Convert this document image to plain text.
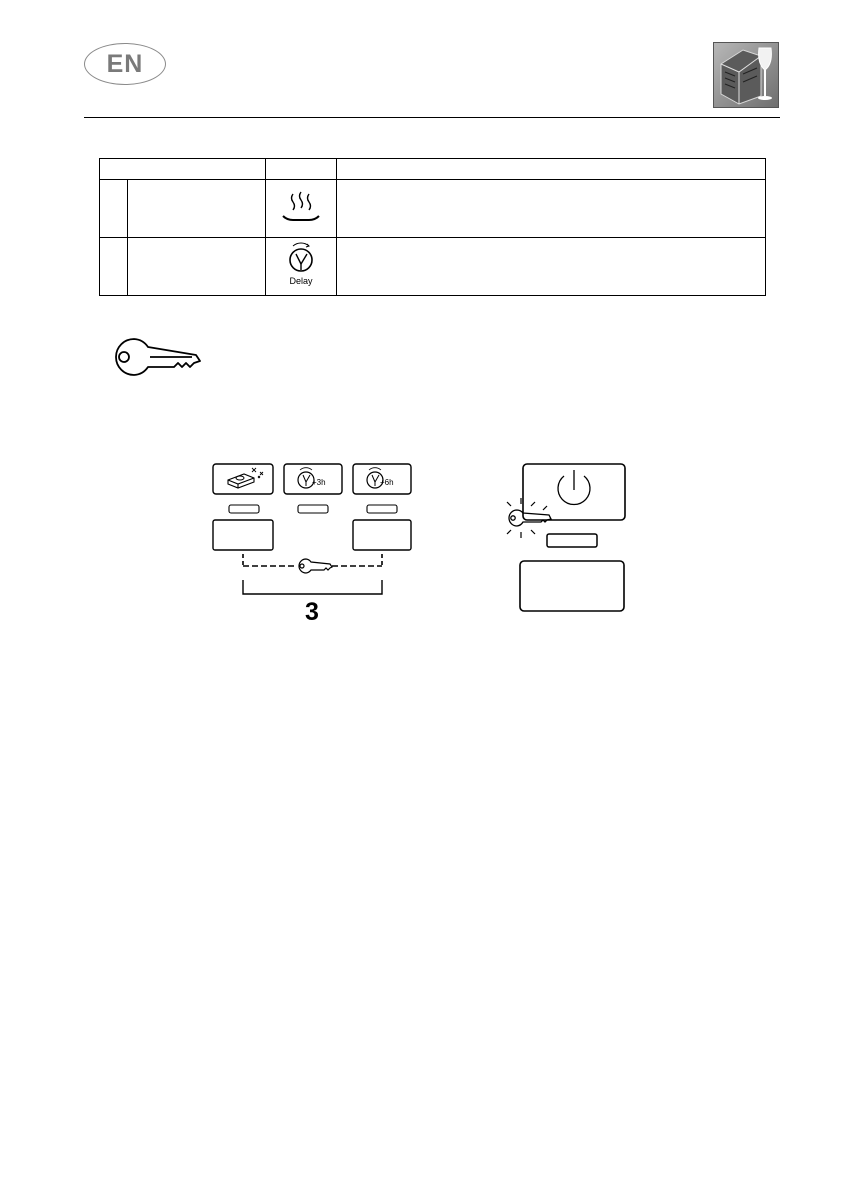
EN

Delay	

+3h	+6h
3
